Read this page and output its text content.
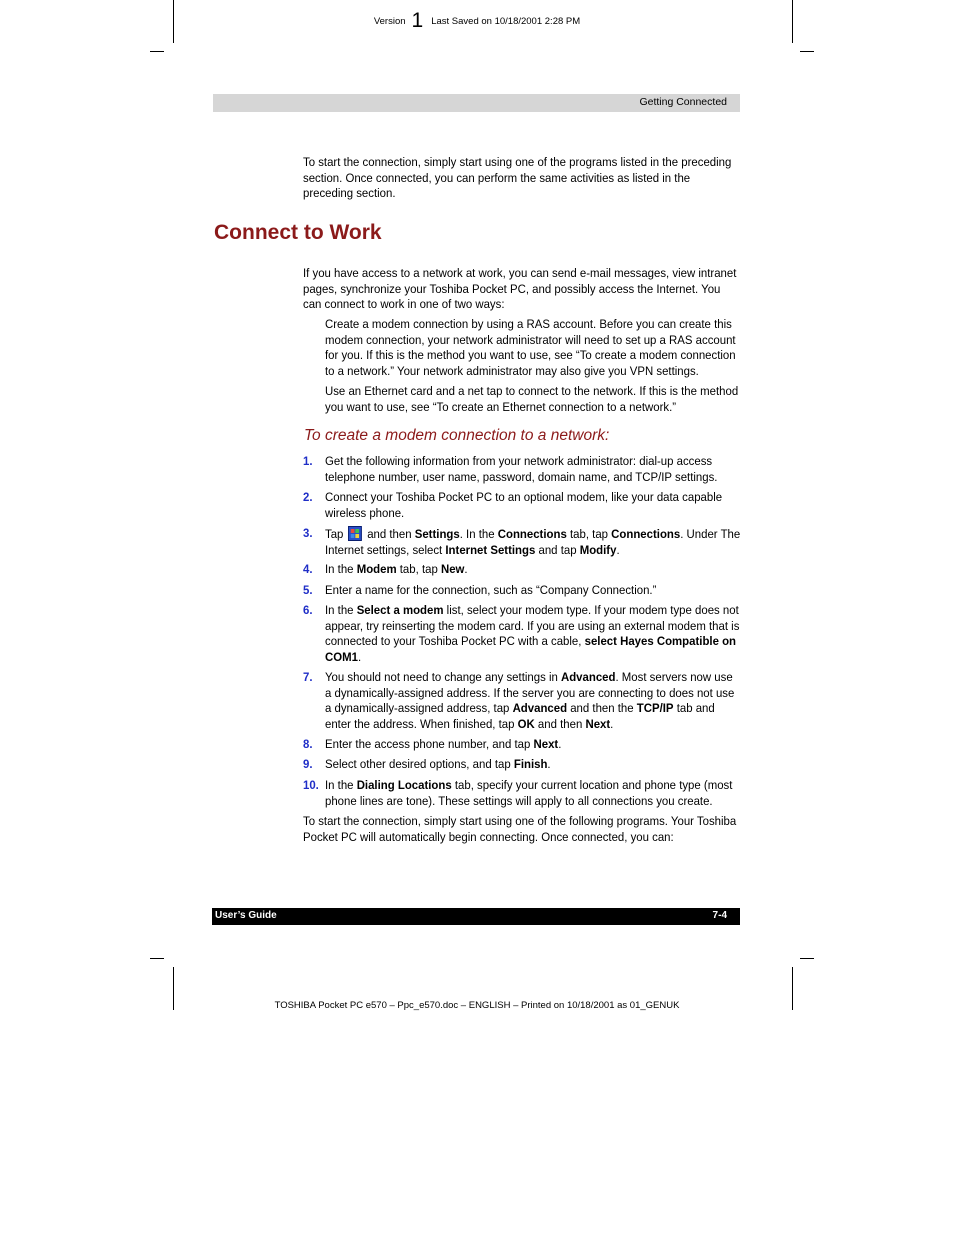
Version 1 Last Saved on 10/18/2001 2:28 PM
Getting Connected
To start the connection, simply start using one of the programs listed in the preceding section. Once connected, you can perform the same activities as listed in the preceding section.
Connect to Work
If you have access to a network at work, you can send e-mail messages, view intranet pages, synchronize your Toshiba Pocket PC, and possibly access the Internet. You can connect to work in one of two ways:
Create a modem connection by using a RAS account. Before you can create this modem connection, your network administrator will need to set up a RAS account for you. If this is the method you want to use, see “To create a modem connection to a network.” Your network administrator may also give you VPN settings.
Use an Ethernet card and a net tap to connect to the network. If this is the method you want to use, see “To create an Ethernet connection to a network.”
To create a modem connection to a network:
1. Get the following information from your network administrator: dial-up access telephone number, user name, password, domain name, and TCP/IP settings.
2. Connect your Toshiba Pocket PC to an optional modem, like your data capable wireless phone.
3. Tap
and then Settings. In the Connections tab, tap Connections. Under The Internet settings, select Internet Settings and tap Modify.
4. In the Modem tab, tap New.
5. Enter a name for the connection, such as “Company Connection.”
6. In the Select a modem list, select your modem type. If your modem type does not appear, try reinserting the modem card. If you are using an external modem that is connected to your Toshiba Pocket PC with a cable, select Hayes Compatible on COM1.
7. You should not need to change any settings in Advanced. Most servers now use a dynamically-assigned address. If the server you are connecting to does not use a dynamically-assigned address, tap Advanced and then the TCP/IP tab and enter the address. When finished, tap OK and then Next.
8. Enter the access phone number, and tap Next.
9. Select other desired options, and tap Finish.
10. In the Dialing Locations tab, specify your current location and phone type (most phone lines are tone). These settings will apply to all connections you create.
To start the connection, simply start using one of the following programs. Your Toshiba Pocket PC will automatically begin connecting. Once connected, you can:
User’s Guide	7-4
TOSHIBA Pocket PC e570 – Ppc_e570.doc – ENGLISH – Printed on 10/18/2001 as 01_GENUK
